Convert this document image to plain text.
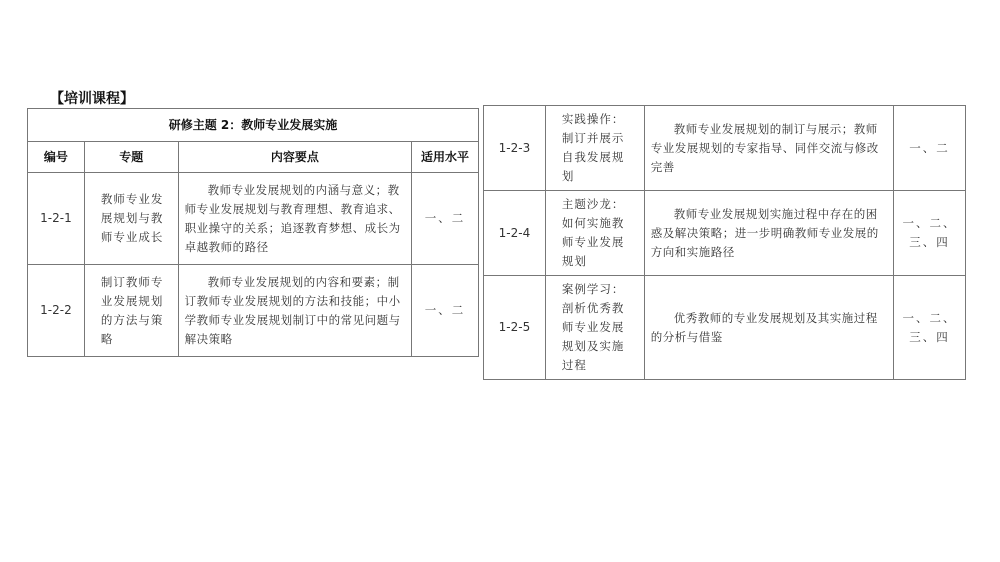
【培训课程】
研修主题 2：教师专业发展实施			
编号	专题	内容要点	适用水平
1-2-1	教师专业发展规划与教师专业成长	教师专业发展规划的内涵与意义；教师专业发展规划与教育理想、教育追求、职业操守的关系；追逐教育梦想、成长为卓越教师的路径	一、二
1-2-2	制订教师专业发展规划的方法与策略	教师专业发展规划的内容和要素；制订教师专业发展规划的方法和技能；中小学教师专业发展规划制订中的常见问题与解决策略	一、二
1-2-3	实践操作：制订并展示自我发展规划	教师专业发展规划的制订与展示；教师专业发展规划的专家指导、同伴交流与修改完善	一、二
1-2-4	主题沙龙：如何实施教师专业发展规划	教师专业发展规划实施过程中存在的困惑及解决策略；进一步明确教师专业发展的方向和实施路径	一、二、三、四
1-2-5	案例学习：剖析优秀教师专业发展规划及实施过程	优秀教师的专业发展规划及其实施过程的分析与借鉴	一、二、三、四
